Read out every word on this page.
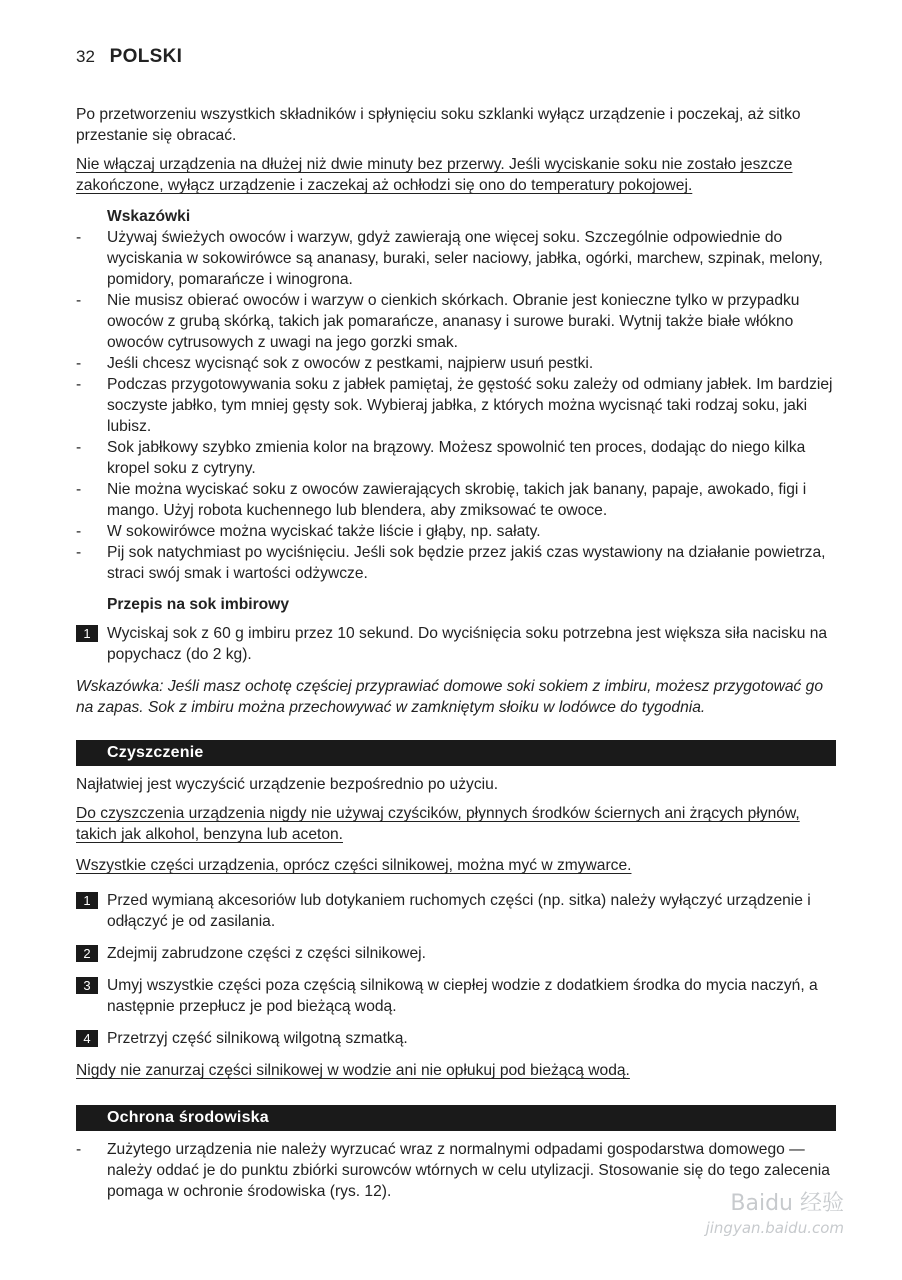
32 POLSKI

Po przetworzeniu wszystkich składników i spłynięciu soku szklanki wyłącz urządzenie i poczekaj, aż sitko przestanie się obracać.

Nie włączaj urządzenia na dłużej niż dwie minuty bez przerwy. Jeśli wyciskanie soku nie zostało jeszcze zakończone, wyłącz urządzenie i zaczekaj aż ochłodzi się ono do temperatury pokojowej.

Wskazówki

- Używaj świeżych owoców i warzyw, gdyż zawierają one więcej soku. Szczególnie odpowiednie do wyciskania w sokowirówce są ananasy, buraki, seler naciowy, jabłka, ogórki, marchew, szpinak, melony, pomidory, pomarańcze i winogrona.
- Nie musisz obierać owoców i warzyw o cienkich skórkach. Obranie jest konieczne tylko w przypadku owoców z grubą skórką, takich jak pomarańcze, ananasy i surowe buraki. Wytnij także białe włókno owoców cytrusowych z uwagi na jego gorzki smak.
- Jeśli chcesz wycisnąć sok z owoców z pestkami, najpierw usuń pestki.
- Podczas przygotowywania soku z jabłek pamiętaj, że gęstość soku zależy od odmiany jabłek. Im bardziej soczyste jabłko, tym mniej gęsty sok. Wybieraj jabłka, z których można wycisnąć taki rodzaj soku, jaki lubisz.
- Sok jabłkowy szybko zmienia kolor na brązowy. Możesz spowolnić ten proces, dodając do niego kilka kropel soku z cytryny.
- Nie można wyciskać soku z owoców zawierających skrobię, takich jak banany, papaje, awokado, figi i mango. Użyj robota kuchennego lub blendera, aby zmiksować te owoce.
- W sokowirówce można wyciskać także liście i głąby, np. sałaty.
- Pij sok natychmiast po wyciśnięciu. Jeśli sok będzie przez jakiś czas wystawiony na działanie powietrza, straci swój smak i wartości odżywcze.

Przepis na sok imbirowy

1	Wyciskaj sok z 60 g imbiru przez 10 sekund. Do wyciśnięcia soku potrzebna jest większa siła nacisku na popychacz (do 2 kg).

Wskazówka: Jeśli masz ochotę częściej przyprawiać domowe soki sokiem z imbiru, możesz przygotować go na zapas. Sok z imbiru można przechowywać w zamkniętym słoiku w lodówce do tygodnia.

Czyszczenie

Najłatwiej jest wyczyścić urządzenie bezpośrednio po użyciu.

Do czyszczenia urządzenia nigdy nie używaj czyścików, płynnych środków ściernych ani żrących płynów, takich jak alkohol, benzyna lub aceton.

Wszystkie części urządzenia, oprócz części silnikowej, można myć w zmywarce.

1	Przed wymianą akcesoriów lub dotykaniem ruchomych części (np. sitka) należy wyłączyć urządzenie i odłączyć je od zasilania.
2	Zdejmij zabrudzone części z części silnikowej.
3	Umyj wszystkie części poza częścią silnikową w ciepłej wodzie z dodatkiem środka do mycia naczyń, a następnie przepłucz je pod bieżącą wodą.
4	Przetrzyj część silnikową wilgotną szmatką.

Nigdy nie zanurzaj części silnikowej w wodzie ani nie opłukuj pod bieżącą wodą.

Ochrona środowiska
- Zużytego urządzenia nie należy wyrzucać wraz z normalnymi odpadami gospodarstwa domowego — należy oddać je do punktu zbiórki surowców wtórnych w celu utylizacji. Stosowanie się do tego zalecenia pomaga w ochronie środowiska (rys. 12).	Baidu 经验
jingyan.baidu.com
